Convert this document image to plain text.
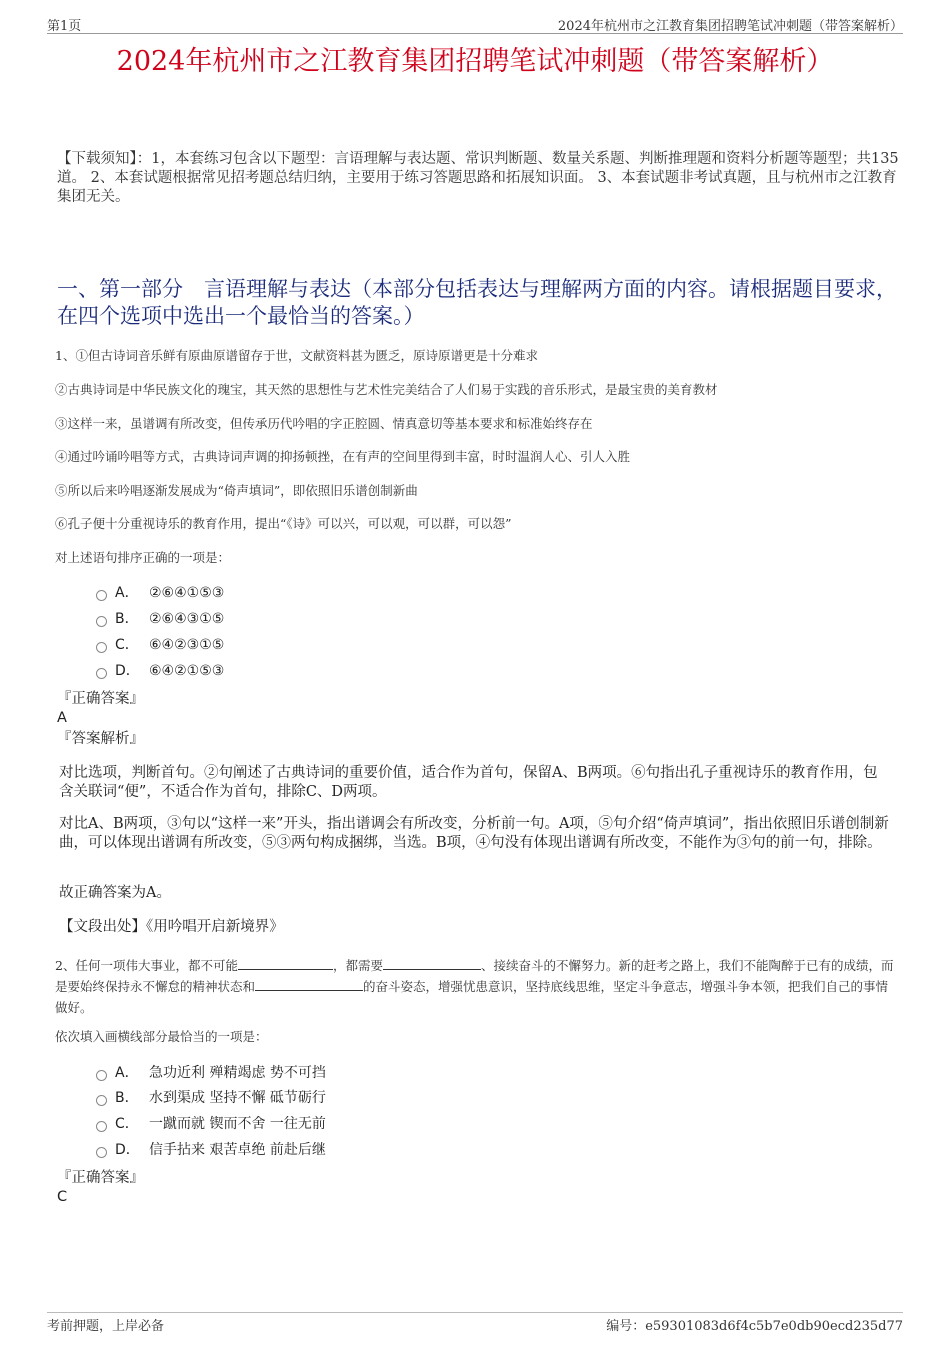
第1页	2024年杭州市之江教育集团招聘笔试冲刺题（带答案解析）
2024年杭州市之江教育集团招聘笔试冲刺题（带答案解析）
【下载须知】：1，本套练习包含以下题型：言语理解与表达题、常识判断题、数量关系题、判断推理题和资料分析题等题型；共135道。 2、本套试题根据常见招考题总结归纳，主要用于练习答题思路和拓展知识面。 3、本套试题非考试真题，且与杭州市之江教育集团无关。
一、第一部分　言语理解与表达（本部分包括表达与理解两方面的内容。请根据题目要求，在四个选项中选出一个最恰当的答案。）
1、①但古诗词音乐鲜有原曲原谱留存于世，文献资料甚为匮乏，原诗原谱更是十分难求
②古典诗词是中华民族文化的瑰宝，其天然的思想性与艺术性完美结合了人们易于实践的音乐形式，是最宝贵的美育教材
③这样一来，虽谱调有所改变，但传承历代吟唱的字正腔圆、情真意切等基本要求和标准始终存在
④通过吟诵吟唱等方式，古典诗词声调的抑扬顿挫，在有声的空间里得到丰富，时时温润人心、引人入胜
⑤所以后来吟唱逐渐发展成为“倚声填词”，即依照旧乐谱创制新曲
⑥孔子便十分重视诗乐的教育作用，提出“《诗》可以兴，可以观，可以群，可以怨”
对上述语句排序正确的一项是：
A． ②⑥④①⑤③
B． ②⑥④③①⑤
C． ⑥④②③①⑤
D． ⑥④②①⑤③
『正确答案』
A
『答案解析』
对比选项，判断首句。②句阐述了古典诗词的重要价值，适合作为首句，保留A、B两项。⑥句指出孔子重视诗乐的教育作用，包含关联词“便”，不适合作为首句，排除C、D两项。
对比A、B两项，③句以“这样一来”开头，指出谱调会有所改变，分析前一句。A项，⑤句介绍“倚声填词”，指出依照旧乐谱创制新曲，可以体现出谱调有所改变，⑤③两句构成捆绑，当选。B项，④句没有体现出谱调有所改变，不能作为③句的前一句，排除。
故正确答案为A。
【文段出处】《用吟唱开启新境界》
2、任何一项伟大事业，都不可能	，都需要	、接续奋斗的不懈努力。新的赶考之路上，我们不能陶醉于已有的成绩，而是要始终保持永不懈怠的精神状态和	的奋斗姿态，增强忧患意识，坚持底线思维，坚定斗争意志，增强斗争本领，把我们自己的事情做好。
依次填入画横线部分最恰当的一项是：
A． 急功近利 殚精竭虑 势不可挡
B． 水到渠成 坚持不懈 砥节砺行
C． 一蹴而就 锲而不舍 一往无前
D． 信手拈来 艰苦卓绝 前赴后继
『正确答案』
C
考前押题，上岸必备	编号：e59301083d6f4c5b7e0db90ecd235d77
